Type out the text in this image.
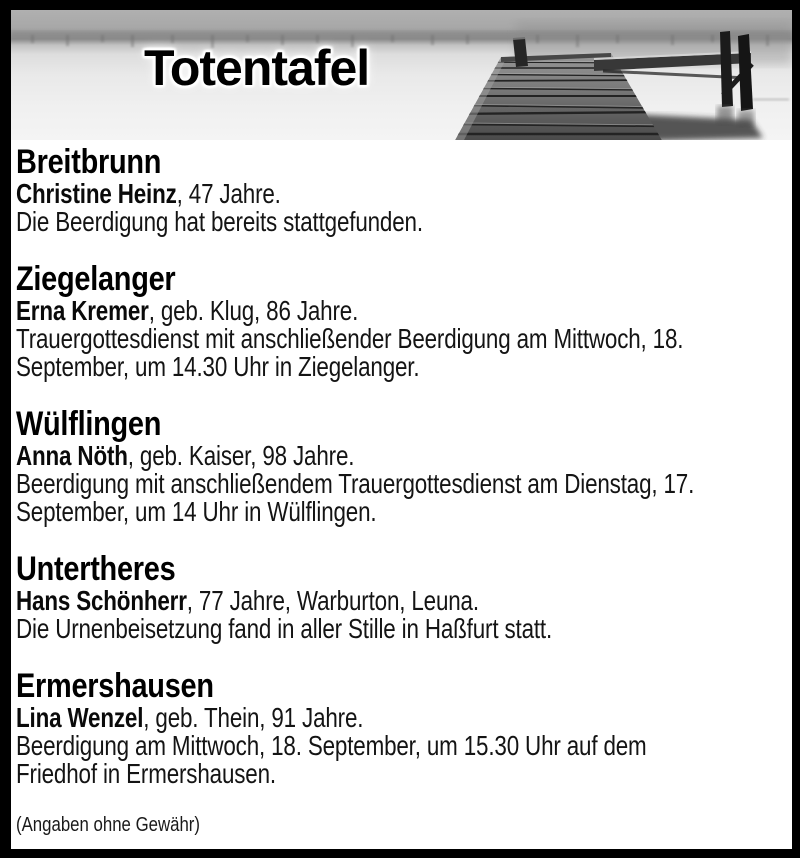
Totentafel
Breitbrunn
Christine Heinz, 47 Jahre.
Die Beerdigung hat bereits stattgefunden.
Ziegelanger
Erna Kremer, geb. Klug, 86 Jahre.
Trauergottesdienst mit anschließender Beerdigung am Mittwoch, 18.
September, um 14.30 Uhr in Ziegelanger.
Wülflingen
Anna Nöth, geb. Kaiser, 98 Jahre.
Beerdigung mit anschließendem Trauergottesdienst am Dienstag, 17.
September, um 14 Uhr in Wülflingen.
Untertheres
Hans Schönherr, 77 Jahre, Warburton, Leuna.
Die Urnenbeisetzung fand in aller Stille in Haßfurt statt.
Ermershausen
Lina Wenzel, geb. Thein, 91 Jahre.
Beerdigung am Mittwoch, 18. September, um 15.30 Uhr auf dem
Friedhof in Ermershausen.
(Angaben ohne Gewähr)
